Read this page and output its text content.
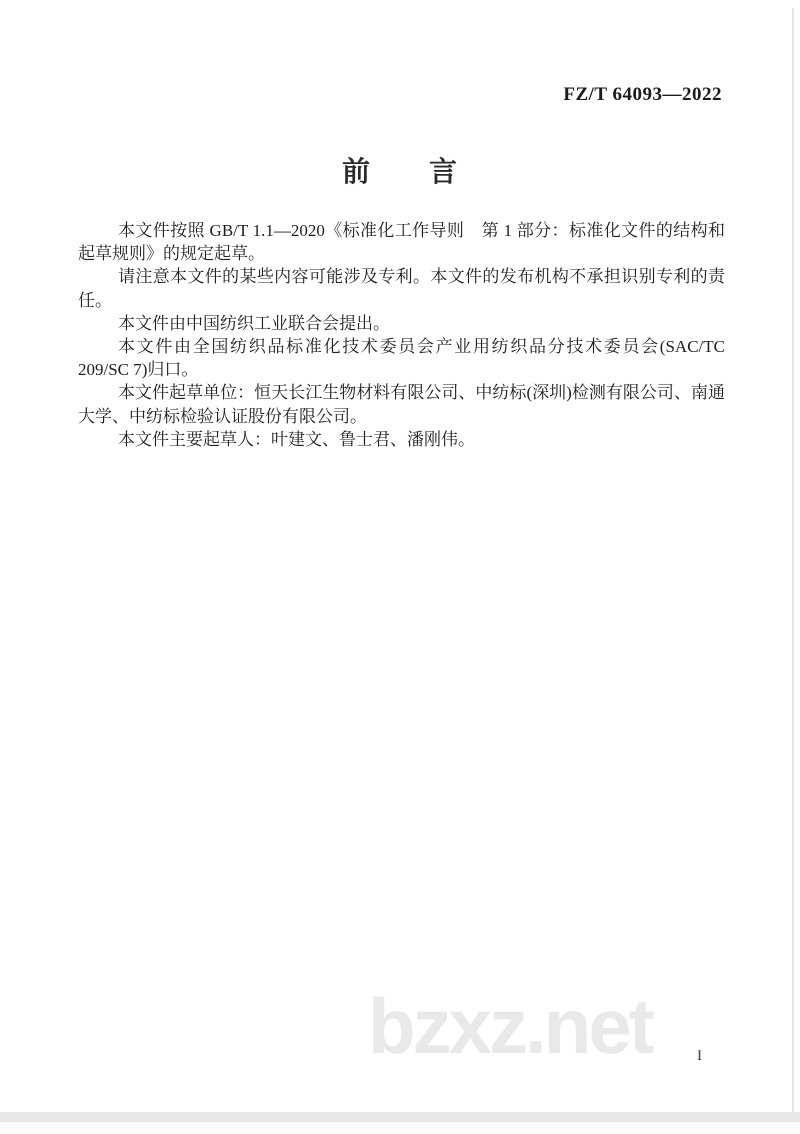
FZ/T 64093—2022
前　　言

本文件按照 GB/T 1.1—2020《标准化工作导则　第 1 部分：标准化文件的结构和起草规则》的规定起草。

请注意本文件的某些内容可能涉及专利。本文件的发布机构不承担识别专利的责任。

本文件由中国纺织工业联合会提出。

本文件由全国纺织品标准化技术委员会产业用纺织品分技术委员会(SAC/TC 209/SC 7)归口。

本文件起草单位：恒天长江生物材料有限公司、中纺标(深圳)检测有限公司、南通大学、中纺标检验认证股份有限公司。

本文件主要起草人：叶建文、鲁士君、潘刚伟。

bzxz.net	I
